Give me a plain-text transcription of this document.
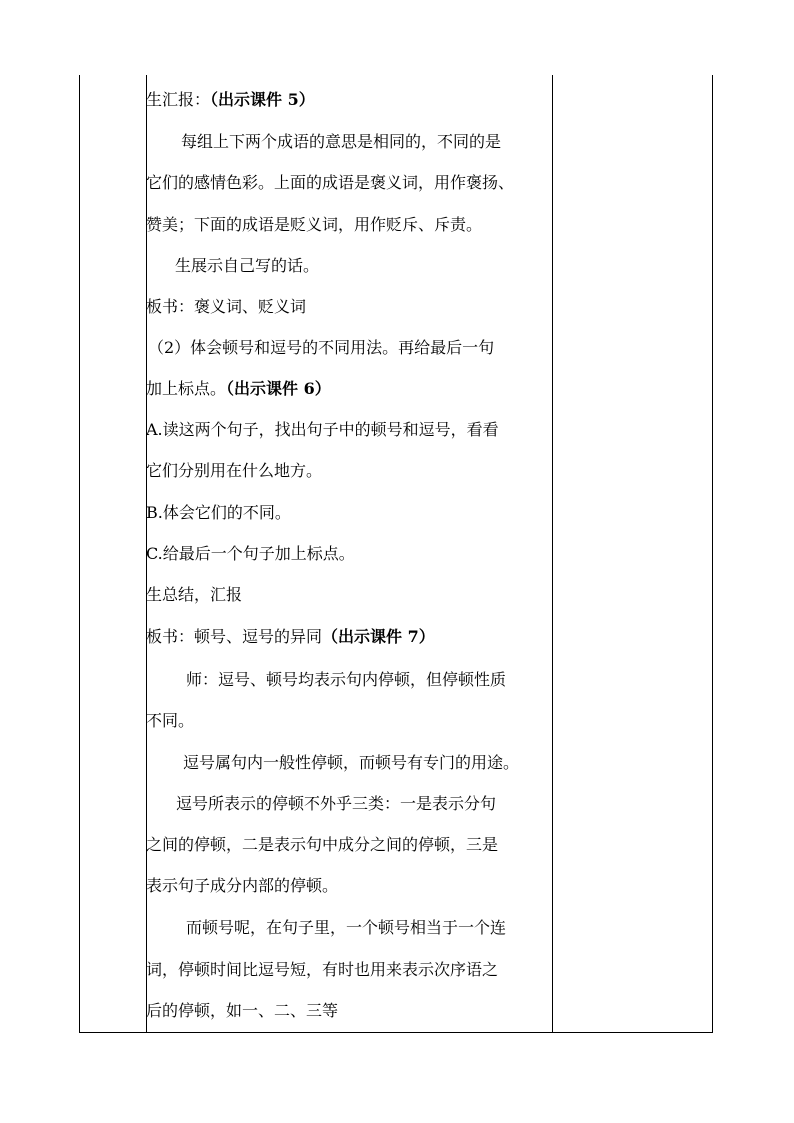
生汇报：（出示课件 5）
每组上下两个成语的意思是相同的，不同的是
它们的感情色彩。上面的成语是褒义词，用作褒扬、
赞美；下面的成语是贬义词，用作贬斥、斥责。
生展示自己写的话。
板书：褒义词、贬义词
（2）体会顿号和逗号的不同用法。再给最后一句
加上标点。（出示课件 6）
A.读这两个句子，找出句子中的顿号和逗号，看看
它们分别用在什么地方。
B.体会它们的不同。
C.给最后一个句子加上标点。
生总结，汇报
板书：顿号、逗号的异同（出示课件 7）
师：逗号、顿号均表示句内停顿，但停顿性质
不同。
逗号属句内一般性停顿，而顿号有专门的用途。
逗号所表示的停顿不外乎三类：一是表示分句
之间的停顿，二是表示句中成分之间的停顿，三是
表示句子成分内部的停顿。
而顿号呢，在句子里，一个顿号相当于一个连
词，停顿时间比逗号短，有时也用来表示次序语之
后的停顿，如一、二、三等
